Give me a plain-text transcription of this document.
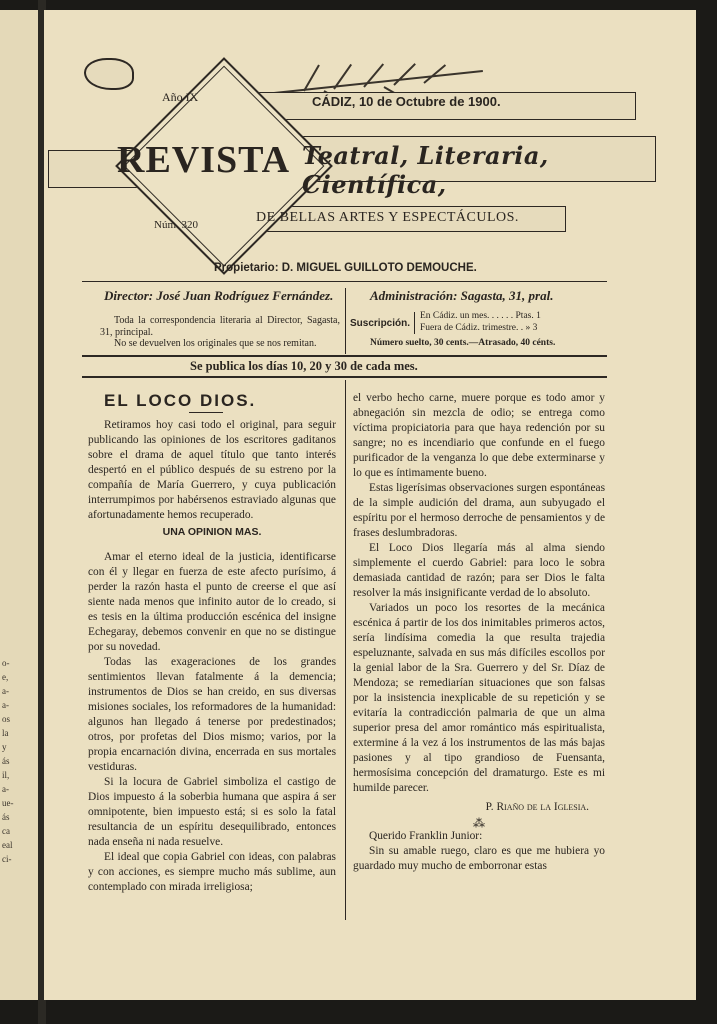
o-
e,
a-
a-
os
la
y
ás
il,
a-
ue-
ás
ca
eal
ci-
Año IX	CÁDIZ, 10 de Octubre de 1900.
REVISTA Teatral, Literaria, Científica,
Núm. 320	DE BELLAS ARTES Y ESPECTÁCULOS.
Propietario: D. MIGUEL GUILLOTO DEMOUCHE.
Director: José Juan Rodríguez Fernández.
Toda la correspondencia literaria al Director, Sagasta, 31, principal.
No se devuelven los originales que se nos remitan.
Administración: Sagasta, 31, pral.
Suscripción.
En Cádiz. un mes. . . . . . Ptas. 1
Fuera de Cádiz. trimestre. . » 3
Número suelto, 30 cents.—Atrasado, 40 cénts.
Se publica los días 10, 20 y 30 de cada mes.
EL LOCO DIOS.

Retiramos hoy casi todo el original, para seguir publicando las opiniones de los escritores gaditanos sobre el drama de aquel título que tanto interés despertó en el público después de su estreno por la compañía de María Guerrero, y cuya publicación interrumpimos por habérsenos estraviado algunas que afortunadamente hemos recuperado.

UNA OPINION MAS.

Amar el eterno ideal de la justicia, identificarse con él y llegar en fuerza de este afecto purísimo, á perder la razón hasta el punto de creerse el que así siente nada menos que infinito autor de lo creado, si es tesis en la última producción escénica del insigne Echegaray, debemos convenir en que no se distingue por su novedad.

Todas las exageraciones de los grandes sentimientos llevan fatalmente á la demencia; instrumentos de Dios se han creido, en sus diversas misiones sociales, los reformadores de la humanidad: algunos han llegado á tenerse por predestinados; otros, por profetas del Dios mismo; varios, por la propia encarnación divina, encerrada en sus mortales vestiduras.

Si la locura de Gabriel simboliza el castigo de Dios impuesto á la soberbia humana que aspira á ser omnipotente, bien impuesto está; si es solo la fatal resultancia de un espíritu desequilibrado, entonces nada enseña ni nada resuelve.

El ideal que copia Gabriel con ideas, con palabras y con acciones, es siempre mucho más sublime, aun contemplado con mirada irreligiosa;

el verbo hecho carne, muere porque es todo amor y abnegación sin mezcla de odio; se entrega como víctima propiciatoria para que haya redención por su sangre; no es incendiario que confunde en el fuego purificador de la venganza lo que debe exterminarse y lo que es íntimamente bueno.

Estas ligerísimas observaciones surgen espontáneas de la simple audición del drama, aun subyugado el espíritu por el hermoso derroche de pensamientos y de frases deslumbradoras.

El Loco Dios llegaría más al alma siendo simplemente el cuerdo Gabriel: para loco le sobra demasiada cantidad de razón; para ser Dios le falta resolver la más insignificante verdad de lo absoluto.

Variados un poco los resortes de la mecánica escénica á partir de los dos inimitables primeros actos, sería lindísima comedia la que resulta trajedia espeluznante, salvada en sus más difíciles escollos por la genial labor de la Sra. Guerrero y del Sr. Díaz de Mendoza; se remediarían situaciones que son falsas por la insistencia inexplicable de su repetición y se evitaría la contradicción palmaria de que un alma superior presa del amor romántico más espiritualista, extermine á la vez á los instrumentos de las más bajas pasiones y al tipo grandioso de Fuensanta, hermosísima concepción del dramaturgo. Este es mi humilde parecer.

P. Riaño de la Iglesia.

⁂

Querido Franklin Junior:

Sin su amable ruego, claro es que me hubiera yo guardado muy mucho de emborronar estas
